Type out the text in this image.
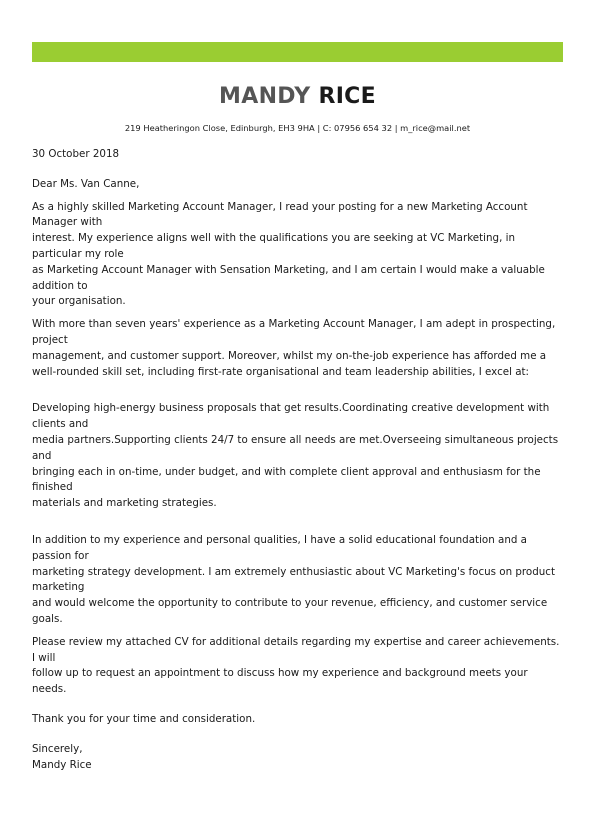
MANDY RICE
219 Heatheringon Close, Edinburgh, EH3 9HA | C: 07956 654 32 | m_rice@mail.net

30 October 2018

Dear Ms. Van Canne,

As a highly skilled Marketing Account Manager, I read your posting for a new Marketing Account Manager with
interest. My experience aligns well with the qualifications you are seeking at VC Marketing, in particular my role
as Marketing Account Manager with Sensation Marketing, and I am certain I would make a valuable addition to
your organisation.

With more than seven years' experience as a Marketing Account Manager, I am adept in prospecting, project
management, and customer support. Moreover, whilst my on-the-job experience has afforded me a
well-rounded skill set, including first-rate organisational and team leadership abilities, I excel at:

Developing high-energy business proposals that get results.Coordinating creative development with clients and
media partners.Supporting clients 24/7 to ensure all needs are met.Overseeing simultaneous projects and
bringing each in on-time, under budget, and with complete client approval and enthusiasm for the finished
materials and marketing strategies.

In addition to my experience and personal qualities, I have a solid educational foundation and a passion for
marketing strategy development. I am extremely enthusiastic about VC Marketing's focus on product marketing
and would welcome the opportunity to contribute to your revenue, efficiency, and customer service goals.

Please review my attached CV for additional details regarding my expertise and career achievements. I will
follow up to request an appointment to discuss how my experience and background meets your needs.

Thank you for your time and consideration.

Sincerely,

Mandy Rice
